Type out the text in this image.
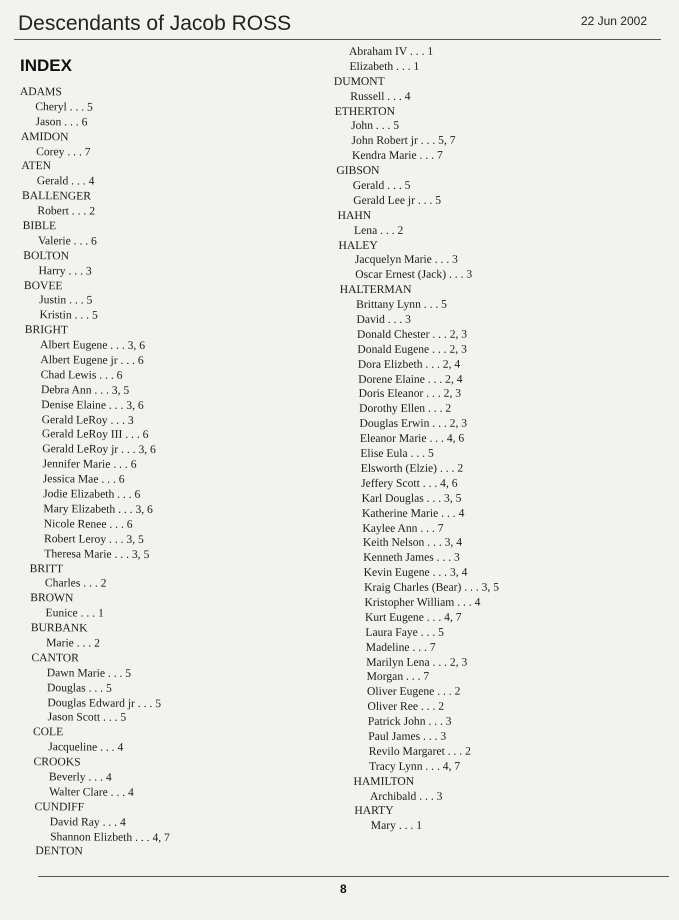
Descendants of Jacob ROSS	22 Jun 2002
INDEX
ADAMS
Cheryl . . . 5
Jason . . . 6
AMIDON
Corey . . . 7
ATEN
Gerald . . . 4
BALLENGER
Robert . . . 2
BIBLE
Valerie . . . 6
BOLTON
Harry . . . 3
BOVEE
Justin . . . 5
Kristin . . . 5
BRIGHT
Albert Eugene . . . 3, 6
Albert Eugene jr . . . 6
Chad Lewis . . . 6
Debra Ann . . . 3, 5
Denise Elaine . . . 3, 6
Gerald LeRoy . . . 3
Gerald LeRoy III . . . 6
Gerald LeRoy jr . . . 3, 6
Jennifer Marie . . . 6
Jessica Mae . . . 6
Jodie Elizabeth . . . 6
Mary Elizabeth . . . 3, 6
Nicole Renee . . . 6
Robert Leroy . . . 3, 5
Theresa Marie . . . 3, 5
BRITT
Charles . . . 2
BROWN
Eunice . . . 1
BURBANK
Marie . . . 2
CANTOR
Dawn Marie . . . 5
Douglas . . . 5
Douglas Edward jr . . . 5
Jason Scott . . . 5
COLE
Jacqueline . . . 4
CROOKS
Beverly . . . 4
Walter Clare . . . 4
CUNDIFF
David Ray . . . 4
Shannon Elizbeth . . . 4, 7
DENTON
Abraham IV . . . 1
Elizabeth . . . 1
DUMONT
Russell . . . 4
ETHERTON
John . . . 5
John Robert jr . . . 5, 7
Kendra Marie . . . 7
GIBSON
Gerald . . . 5
Gerald Lee jr . . . 5
HAHN
Lena . . . 2
HALEY
Jacquelyn Marie . . . 3
Oscar Ernest (Jack) . . . 3
HALTERMAN
Brittany Lynn . . . 5
David . . . 3
Donald Chester . . . 2, 3
Donald Eugene . . . 2, 3
Dora Elizbeth . . . 2, 4
Dorene Elaine . . . 2, 4
Doris Eleanor . . . 2, 3
Dorothy Ellen . . . 2
Douglas Erwin . . . 2, 3
Eleanor Marie . . . 4, 6
Elise Eula . . . 5
Elsworth (Elzie) . . . 2
Jeffery Scott . . . 4, 6
Karl Douglas . . . 3, 5
Katherine Marie . . . 4
Kaylee Ann . . . 7
Keith Nelson . . . 3, 4
Kenneth James . . . 3
Kevin Eugene . . . 3, 4
Kraig Charles (Bear) . . . 3, 5
Kristopher William . . . 4
Kurt Eugene . . . 4, 7
Laura Faye . . . 5
Madeline . . . 7
Marilyn Lena . . . 2, 3
Morgan . . . 7
Oliver Eugene . . . 2
Oliver Ree . . . 2
Patrick John . . . 3
Paul James . . . 3
Revilo Margaret . . . 2
Tracy Lynn . . . 4, 7
HAMILTON
Archibald . . . 3
HARTY
Mary . . . 1
8
